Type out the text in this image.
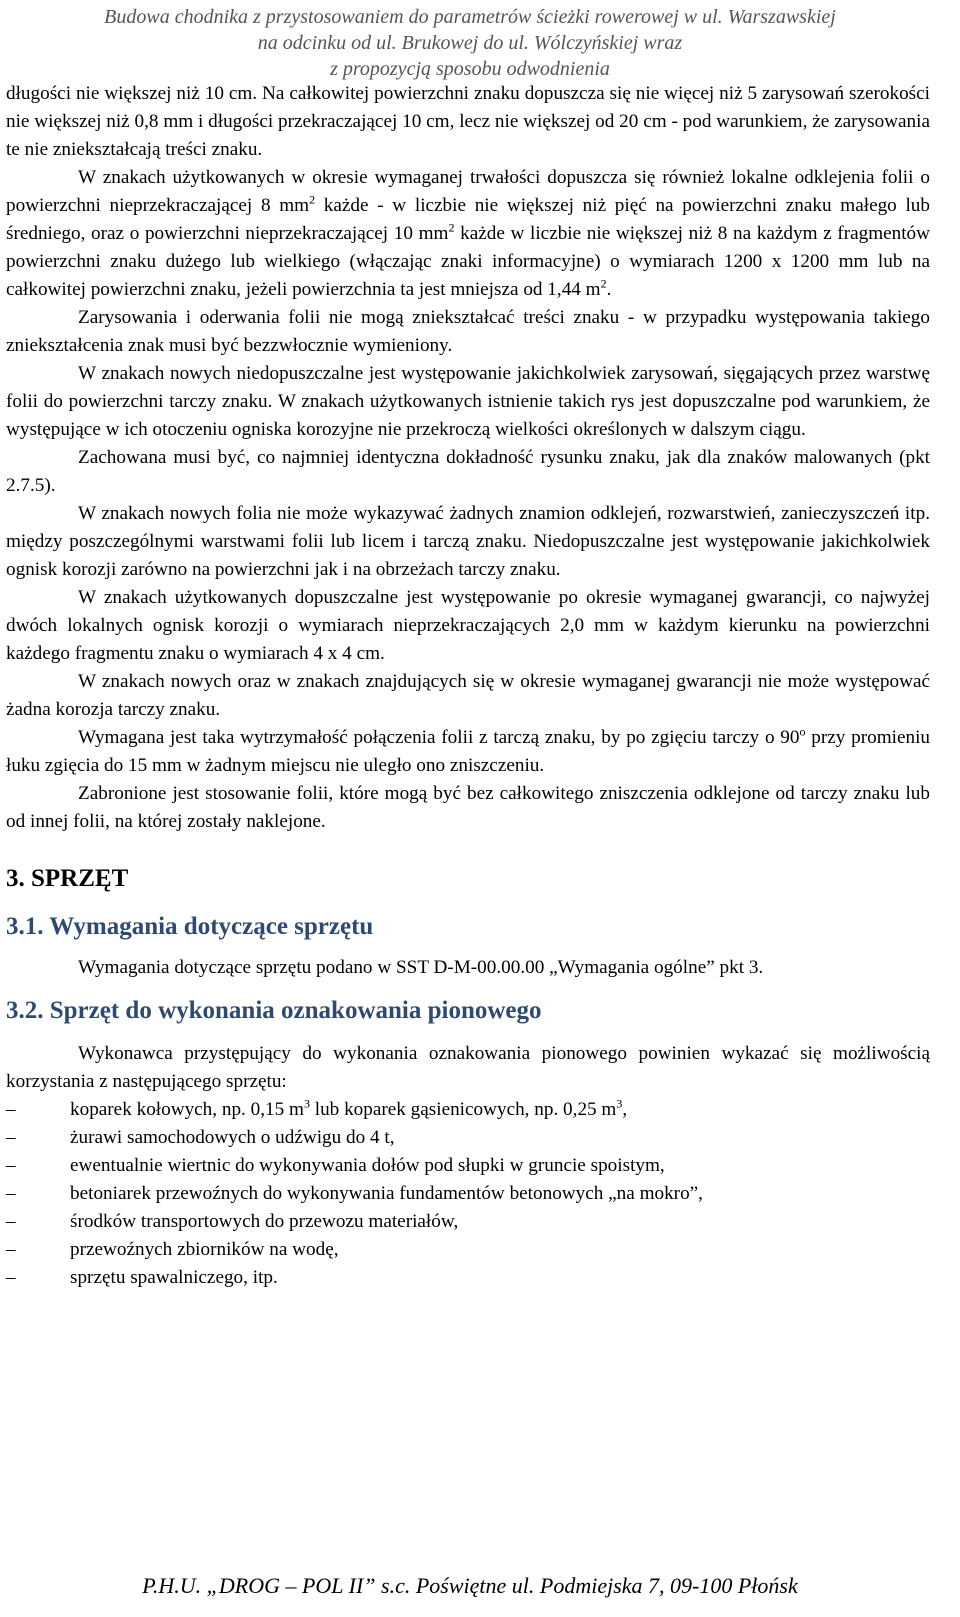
Budowa chodnika z przystosowaniem do parametrów ścieżki rowerowej w ul. Warszawskiej
na odcinku od ul. Brukowej do ul. Wólczyńskiej wraz
z propozycją sposobu odwodnienia

długości nie większej niż 10 cm. Na całkowitej powierzchni znaku dopuszcza się nie więcej niż 5 zarysowań szerokości nie większej niż 0,8 mm i długości przekraczającej 10 cm, lecz nie większej od 20 cm - pod warunkiem, że zarysowania te nie zniekształcają treści znaku.

W znakach użytkowanych w okresie wymaganej trwałości dopuszcza się również lokalne odklejenia folii o powierzchni nieprzekraczającej 8 $mm^2$ każde - w liczbie nie większej niż pięć na powierzchni znaku małego lub średniego, oraz o powierzchni nieprzekraczającej 10 $mm^2$ każde w liczbie nie większej niż 8 na każdym z fragmentów powierzchni znaku dużego lub wielkiego (włączając znaki informacyjne) o wymiarach 1200 x 1200 mm lub na całkowitej powierzchni znaku, jeżeli powierzchnia ta jest mniejsza od 1,44 $m^2$.

Zarysowania i oderwania folii nie mogą zniekształcać treści znaku - w przypadku występowania takiego zniekształcenia znak musi być bezzwłocznie wymieniony.

W znakach nowych niedopuszczalne jest występowanie jakichkolwiek zarysowań, sięgających przez warstwę folii do powierzchni tarczy znaku. W znakach użytkowanych istnienie takich rys jest dopuszczalne pod warunkiem, że występujące w ich otoczeniu ogniska korozyjne nie przekroczą wielkości określonych w dalszym ciągu.

Zachowana musi być, co najmniej identyczna dokładność rysunku znaku, jak dla znaków malowanych (pkt 2.7.5).

W znakach nowych folia nie może wykazywać żadnych znamion odklejeń, rozwarstwień, zanieczyszczeń itp. między poszczególnymi warstwami folii lub licem i tarczą znaku. Niedopuszczalne jest występowanie jakichkolwiek ognisk korozji zarówno na powierzchni jak i na obrzeżach tarczy znaku.

W znakach użytkowanych dopuszczalne jest występowanie po okresie wymaganej gwarancji, co najwyżej dwóch lokalnych ognisk korozji o wymiarach nieprzekraczających 2,0 mm w każdym kierunku na powierzchni każdego fragmentu znaku o wymiarach 4 x 4 cm.

W znakach nowych oraz w znakach znajdujących się w okresie wymaganej gwarancji nie może występować żadna korozja tarczy znaku.

Wymagana jest taka wytrzymałość połączenia folii z tarczą znaku, by po zgięciu tarczy o 90$^o$ przy promieniu łuku zgięcia do 15 mm w żadnym miejscu nie uległo ono zniszczeniu.

Zabronione jest stosowanie folii, które mogą być bez całkowitego zniszczenia odklejone od tarczy znaku lub od innej folii, na której zostały naklejone.

3. SPRZĘT
3.1. Wymagania dotyczące sprzętu

Wymagania dotyczące sprzętu podano w SST D-M-00.00.00 „Wymagania ogólne” pkt 3.

3.2. Sprzęt do wykonania oznakowania pionowego

Wykonawca przystępujący do wykonania oznakowania pionowego powinien wykazać się możliwością korzystania z następującego sprzętu:

–	koparek kołowych, np. 0,15 $m^3$ lub koparek gąsienicowych, np. 0,25 $m^3$,
–	żurawi samochodowych o udźwigu do 4 t,
–	ewentualnie wiertnic do wykonywania dołów pod słupki w gruncie spoistym,
–	betoniarek przewoźnych do wykonywania fundamentów betonowych „na mokro”,
–	środków transportowych do przewozu materiałów,
–	przewoźnych zbiorników na wodę,
–	sprzętu spawalniczego, itp.
P.H.U. „DROG – POL II” s.c. Poświętne ul. Podmiejska 7, 09-100 Płońsk
